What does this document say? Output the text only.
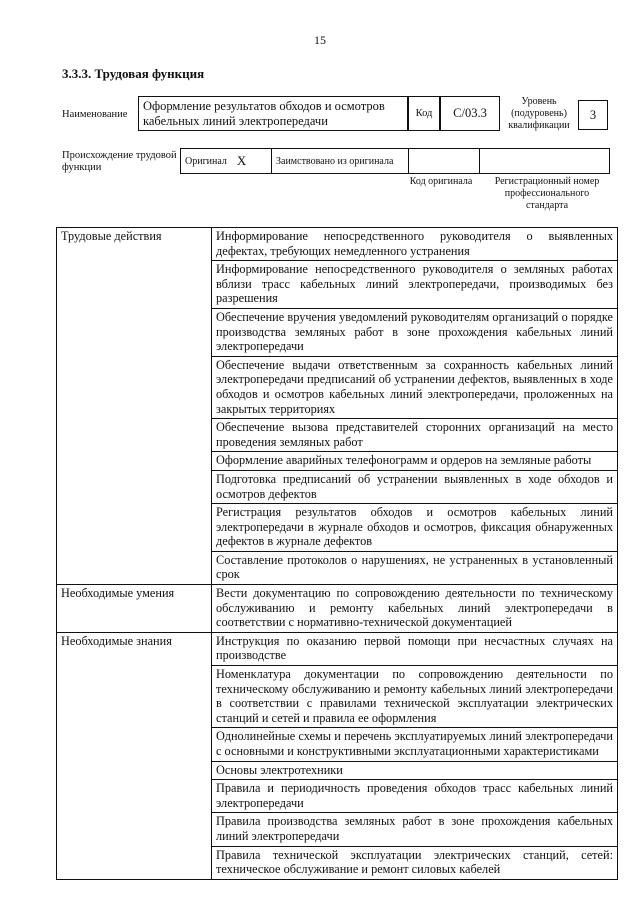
15
3.3.3. Трудовая функция
Наименование
Оформление результатов обходов и осмотров кабельных линий электропередачи
Код	С/03.3
Уровень (подуровень) квалификации
3
Происхождение трудовой функции
Оригинал X	Заимствовано из оригинала
Код оригинала	Регистрационный номер профессионального стандарта
Трудовые действия	Информирование непосредственного руководителя о выявленных дефектах, требующих немедленного устранения
	Информирование непосредственного руководителя о земляных работах вблизи трасс кабельных линий электропередачи, производимых без разрешения
	Обеспечение вручения уведомлений руководителям организаций о порядке производства земляных работ в зоне прохождения кабельных линий электропередачи
	Обеспечение выдачи ответственным за сохранность кабельных линий электропередачи предписаний об устранении дефектов, выявленных в ходе обходов и осмотров кабельных линий электропередачи, проложенных на закрытых территориях
	Обеспечение вызова представителей сторонних организаций на место проведения земляных работ
	Оформление аварийных телефонограмм и ордеров на земляные работы
	Подготовка предписаний об устранении выявленных в ходе обходов и осмотров дефектов
	Регистрация результатов обходов и осмотров кабельных линий электропередачи в журнале обходов и осмотров, фиксация обнаруженных дефектов в журнале дефектов
	Составление протоколов о нарушениях, не устраненных в установленный срок
Необходимые умения	Вести документацию по сопровождению деятельности по техническому обслуживанию и ремонту кабельных линий электропередачи в соответствии с нормативно-технической документацией
Необходимые знания	Инструкция по оказанию первой помощи при несчастных случаях на производстве
	Номенклатура документации по сопровождению деятельности по техническому обслуживанию и ремонту кабельных линий электропередачи в соответствии с правилами технической эксплуатации электрических станций и сетей и правила ее оформления
	Однолинейные схемы и перечень эксплуатируемых линий электропередачи с основными и конструктивными эксплуатационными характеристиками
	Основы электротехники
	Правила и периодичность проведения обходов трасс кабельных линий электропередачи
	Правила производства земляных работ в зоне прохождения кабельных линий электропередачи
	Правила технической эксплуатации электрических станций, сетей: техническое обслуживание и ремонт силовых кабелей
